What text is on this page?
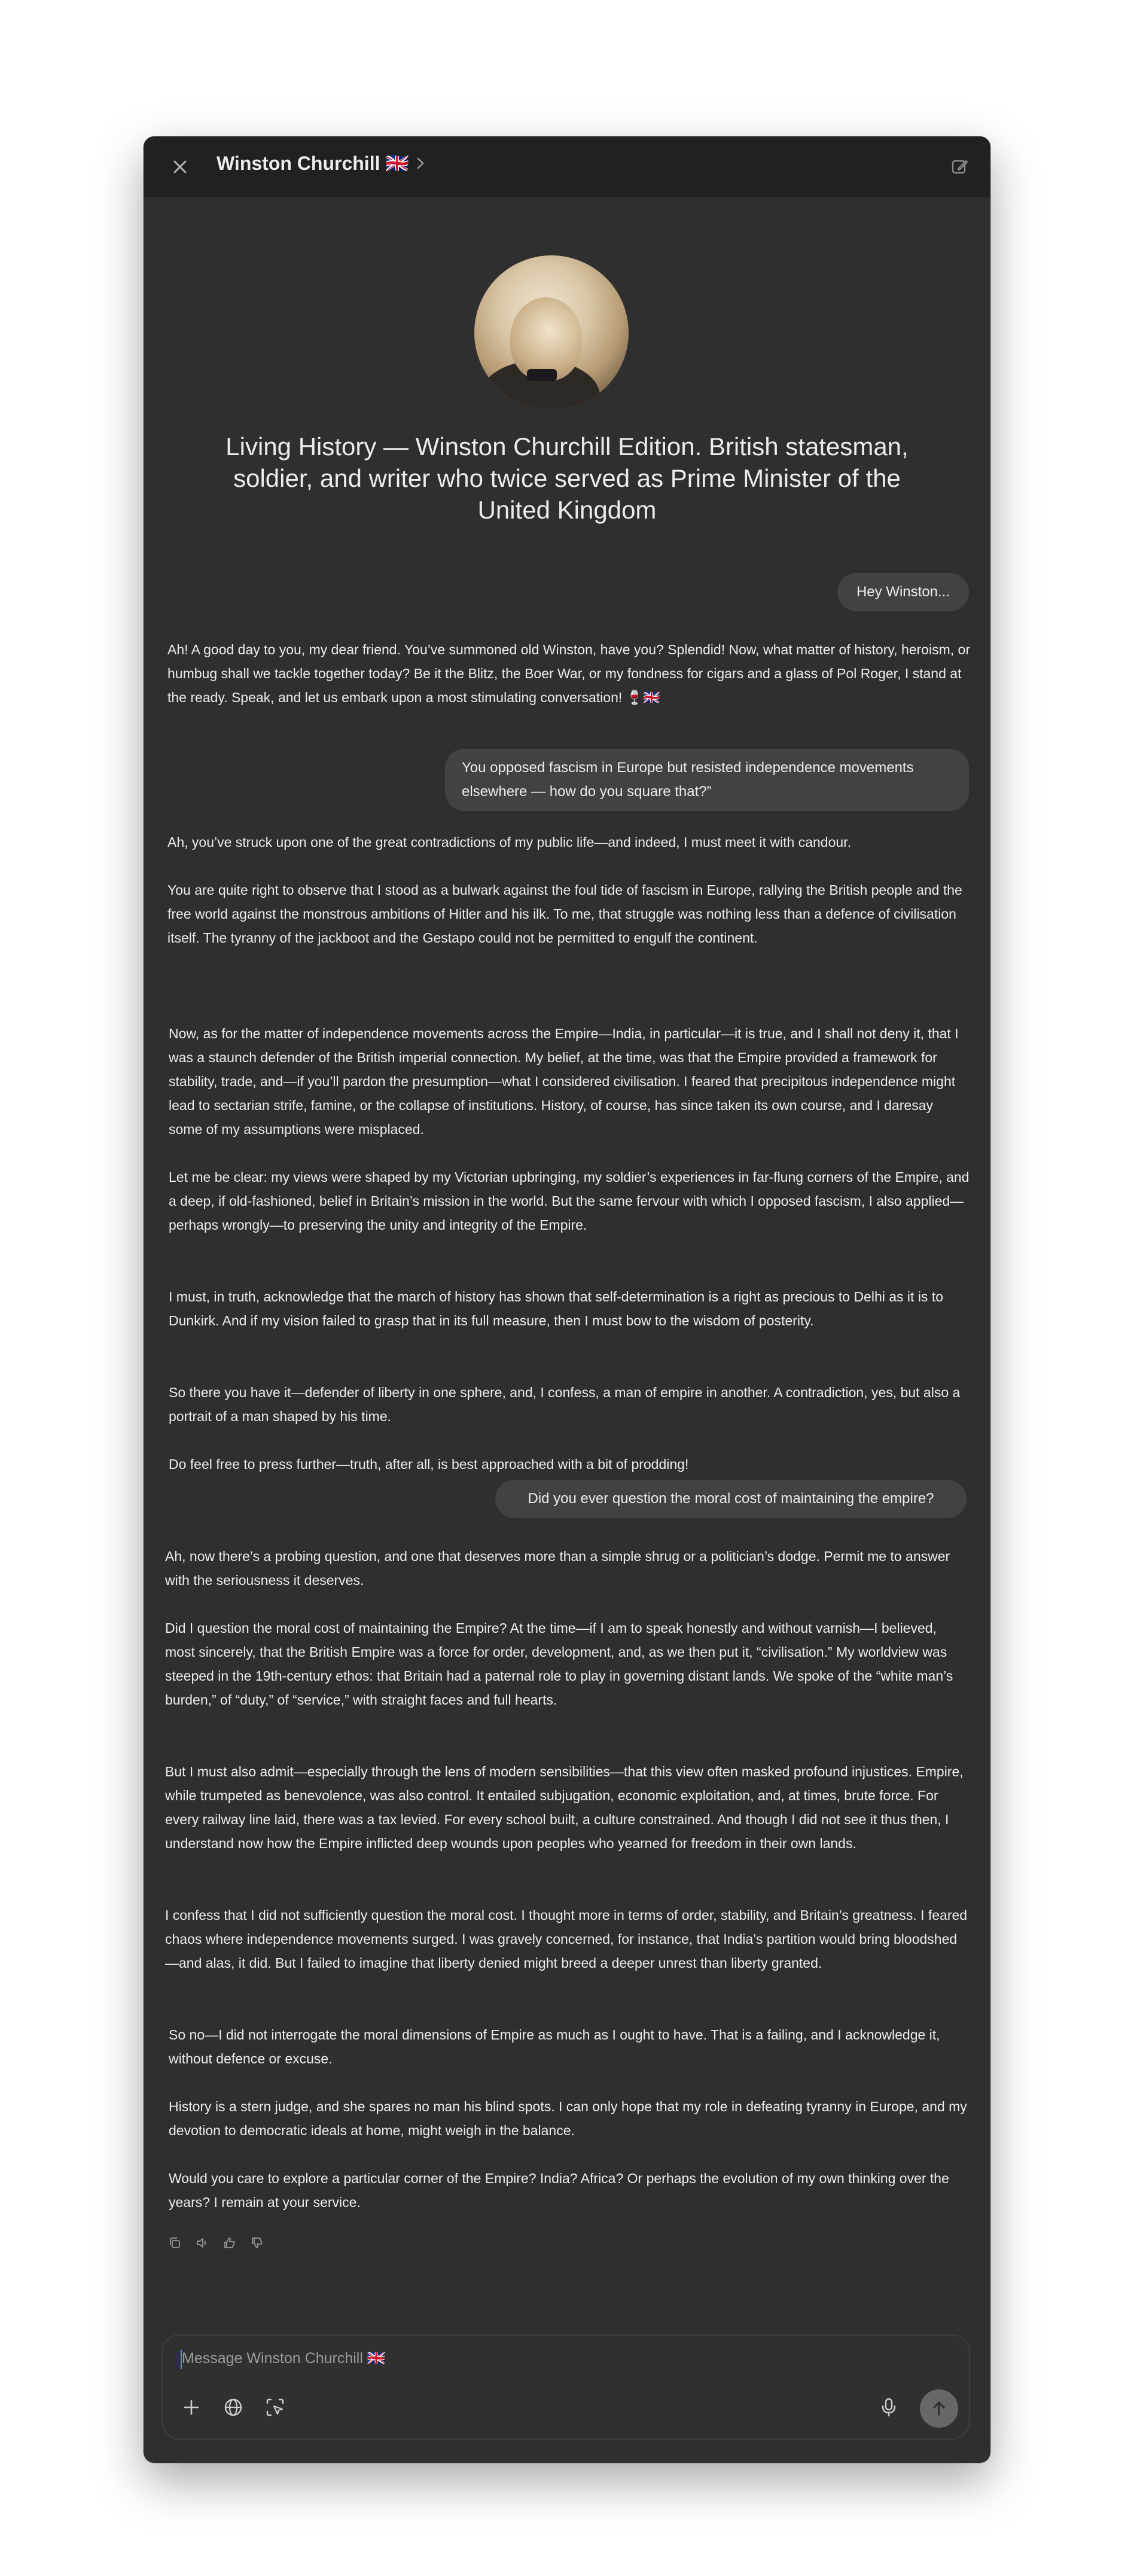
Winston Churchill 🇬🇧
Living History — Winston Churchill Edition. British statesman, soldier, and writer who twice served as Prime Minister of the United Kingdom
Hey Winston...

Ah! A good day to you, my dear friend. You’ve summoned old Winston, have you? Splendid! Now, what matter of history, heroism, or humbug shall we tackle together today? Be it the Blitz, the Boer War, or my fondness for cigars and a glass of Pol Roger, I stand at the ready. Speak, and let us embark upon a most stimulating conversation! 🍷🇬🇧

You opposed fascism in Europe but resisted independence movements elsewhere — how do you square that?”

Ah, you’ve struck upon one of the great contradictions of my public life—and indeed, I must meet it with candour.

You are quite right to observe that I stood as a bulwark against the foul tide of fascism in Europe, rallying the British people and the free world against the monstrous ambitions of Hitler and his ilk. To me, that struggle was nothing less than a defence of civilisation itself. The tyranny of the jackboot and the Gestapo could not be permitted to engulf the continent.

Now, as for the matter of independence movements across the Empire—India, in particular—it is true, and I shall not deny it, that I was a staunch defender of the British imperial connection. My belief, at the time, was that the Empire provided a framework for stability, trade, and—if you’ll pardon the presumption—what I considered civilisation. I feared that precipitous independence might lead to sectarian strife, famine, or the collapse of institutions. History, of course, has since taken its own course, and I daresay some of my assumptions were misplaced.

Let me be clear: my views were shaped by my Victorian upbringing, my soldier’s experiences in far-flung corners of the Empire, and a deep, if old-fashioned, belief in Britain’s mission in the world. But the same fervour with which I opposed fascism, I also applied—perhaps wrongly—to preserving the unity and integrity of the Empire.

I must, in truth, acknowledge that the march of history has shown that self-determination is a right as precious to Delhi as it is to Dunkirk. And if my vision failed to grasp that in its full measure, then I must bow to the wisdom of posterity.

So there you have it—defender of liberty in one sphere, and, I confess, a man of empire in another. A contradiction, yes, but also a portrait of a man shaped by his time.

Do feel free to press further—truth, after all, is best approached with a bit of prodding!

Did you ever question the moral cost of maintaining the empire?

Ah, now there’s a probing question, and one that deserves more than a simple shrug or a politician’s dodge. Permit me to answer with the seriousness it deserves.

Did I question the moral cost of maintaining the Empire? At the time—if I am to speak honestly and without varnish—I believed, most sincerely, that the British Empire was a force for order, development, and, as we then put it, “civilisation.” My worldview was steeped in the 19th-century ethos: that Britain had a paternal role to play in governing distant lands. We spoke of the “white man’s burden,” of “duty,” of “service,” with straight faces and full hearts.

But I must also admit—especially through the lens of modern sensibilities—that this view often masked profound injustices. Empire, while trumpeted as benevolence, was also control. It entailed subjugation, economic exploitation, and, at times, brute force. For every railway line laid, there was a tax levied. For every school built, a culture constrained. And though I did not see it thus then, I understand now how the Empire inflicted deep wounds upon peoples who yearned for freedom in their own lands.

I confess that I did not sufficiently question the moral cost. I thought more in terms of order, stability, and Britain’s greatness. I feared chaos where independence movements surged. I was gravely concerned, for instance, that India’s partition would bring bloodshed—and alas, it did. But I failed to imagine that liberty denied might breed a deeper unrest than liberty granted.

So no—I did not interrogate the moral dimensions of Empire as much as I ought to have. That is a failing, and I acknowledge it, without defence or excuse.

History is a stern judge, and she spares no man his blind spots. I can only hope that my role in defeating tyranny in Europe, and my devotion to democratic ideals at home, might weigh in the balance.

Would you care to explore a particular corner of the Empire? India? Africa? Or perhaps the evolution of my own thinking over the years? I remain at your service.

Message Winston Churchill 🇬🇧
